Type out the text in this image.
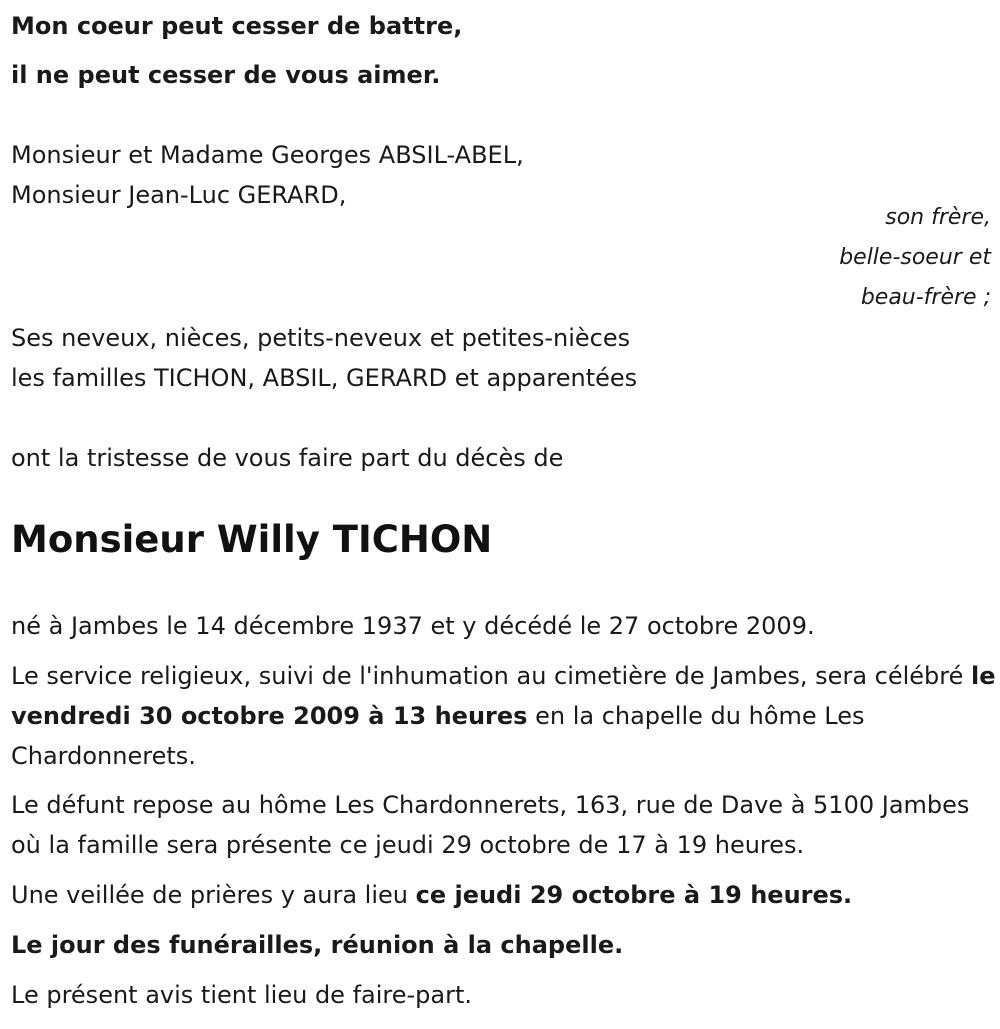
Mon coeur peut cesser de battre,
il ne peut cesser de vous aimer.
Monsieur et Madame Georges ABSIL-ABEL,
Monsieur Jean-Luc GERARD,
son frère,
belle-soeur et
beau-frère ;
Ses neveux, nièces, petits-neveux et petites-nièces
les familles TICHON, ABSIL, GERARD et apparentées
ont la tristesse de vous faire part du décès de
Monsieur Willy TICHON
né à Jambes le 14 décembre 1937 et y décédé le 27 octobre 2009.
Le service religieux, suivi de l'inhumation au cimetière de Jambes, sera célébré le vendredi 30 octobre 2009 à 13 heures en la chapelle du hôme Les Chardonnerets.
Le défunt repose au hôme Les Chardonnerets, 163, rue de Dave à 5100 Jambes où la famille sera présente ce jeudi 29 octobre de 17 à 19 heures.
Une veillée de prières y aura lieu ce jeudi 29 octobre à 19 heures.
Le jour des funérailles, réunion à la chapelle.
Le présent avis tient lieu de faire-part.
